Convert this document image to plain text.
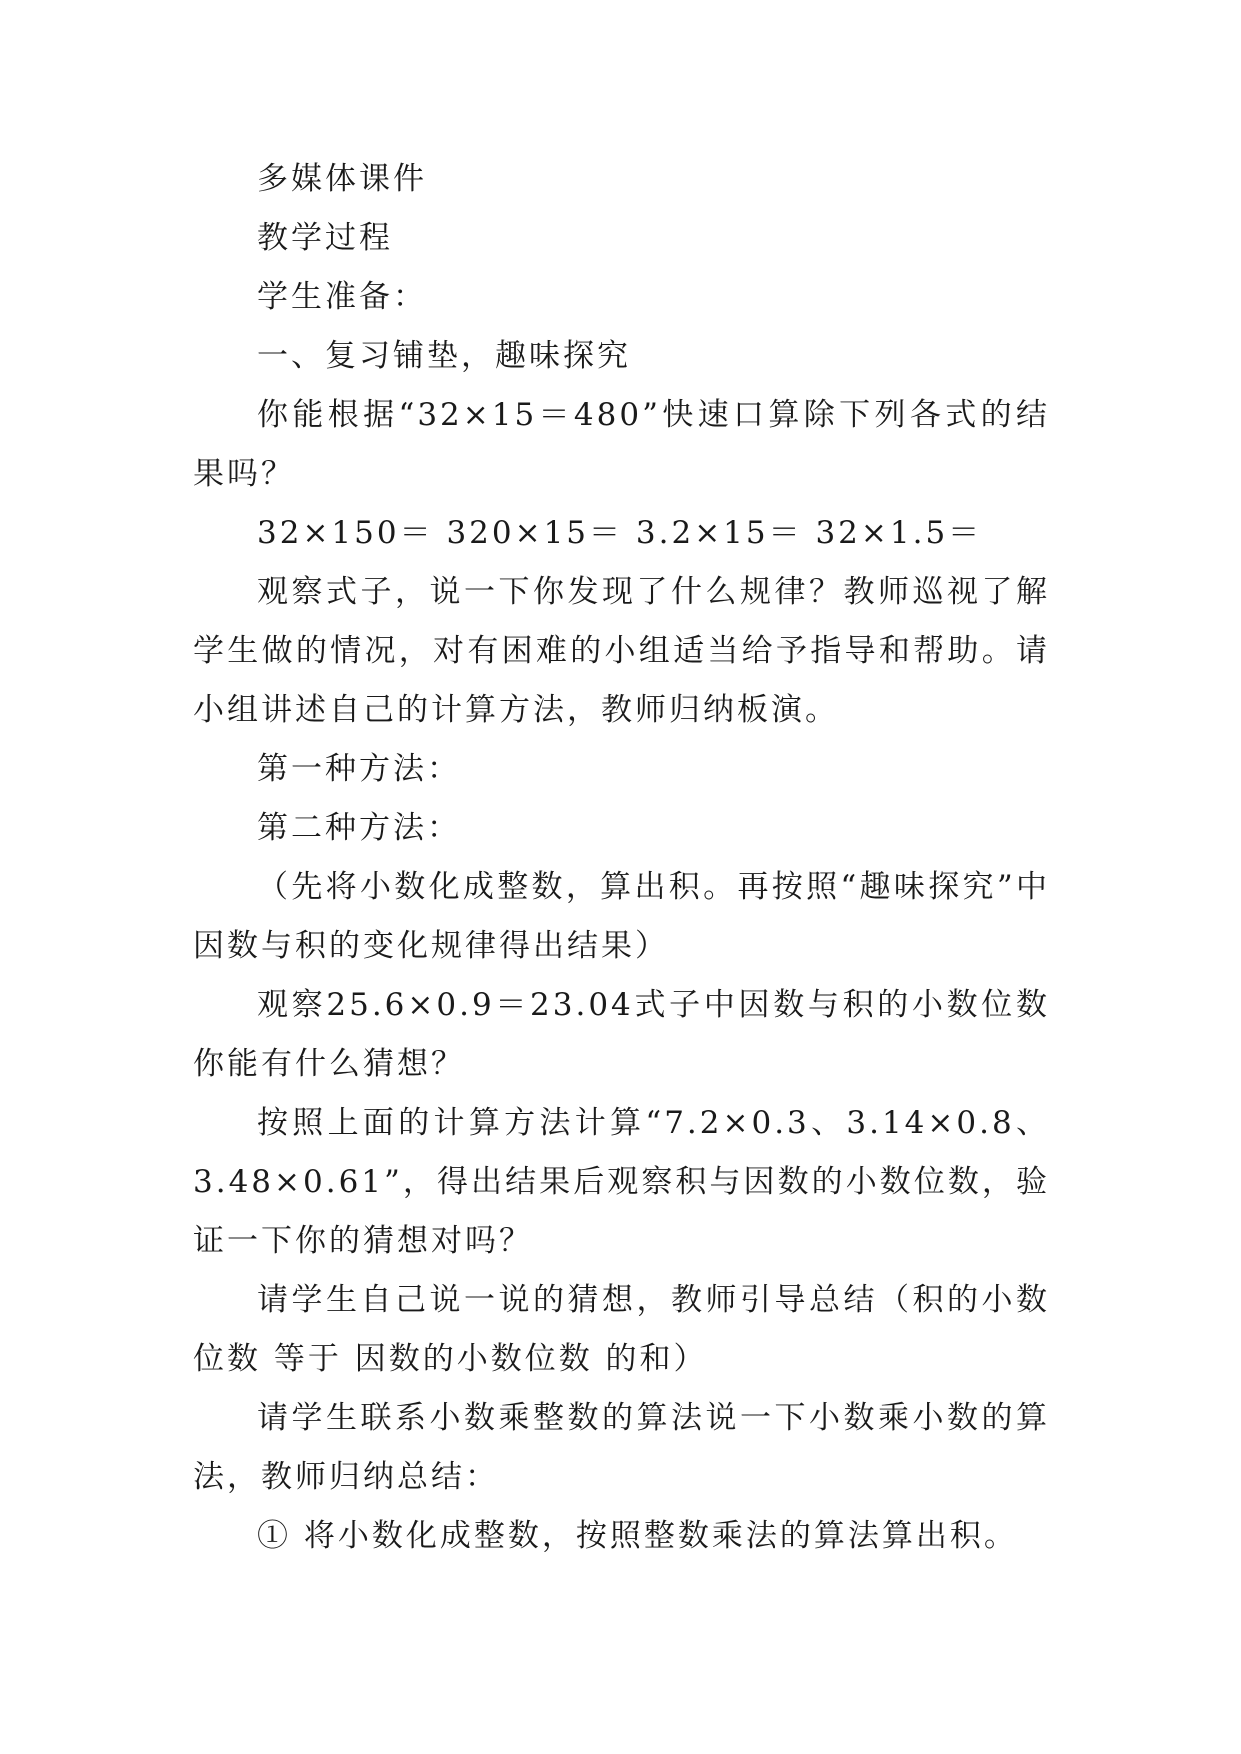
多媒体课件

教学过程

学生准备：

一、复习铺垫，趣味探究

你能根据“32×15＝480”快速口算除下列各式的结果吗？

32×150＝ 320×15＝ 3.2×15＝ 32×1.5＝

观察式子，说一下你发现了什么规律？教师巡视了解学生做的情况，对有困难的小组适当给予指导和帮助。请小组讲述自己的计算方法，教师归纳板演。

第一种方法：

第二种方法：

（先将小数化成整数，算出积。再按照“趣味探究”中因数与积的变化规律得出结果）

观察25.6×0.9＝23.04式子中因数与积的小数位数你能有什么猜想？

按照上面的计算方法计算“7.2×0.3、3.14×0.8、3.48×0.61”，得出结果后观察积与因数的小数位数，验证一下你的猜想对吗？

请学生自己说一说的猜想，教师引导总结（积的小数位数 等于 因数的小数位数 的和）

请学生联系小数乘整数的算法说一下小数乘小数的算法，教师归纳总结：

① 将小数化成整数，按照整数乘法的算法算出积。
